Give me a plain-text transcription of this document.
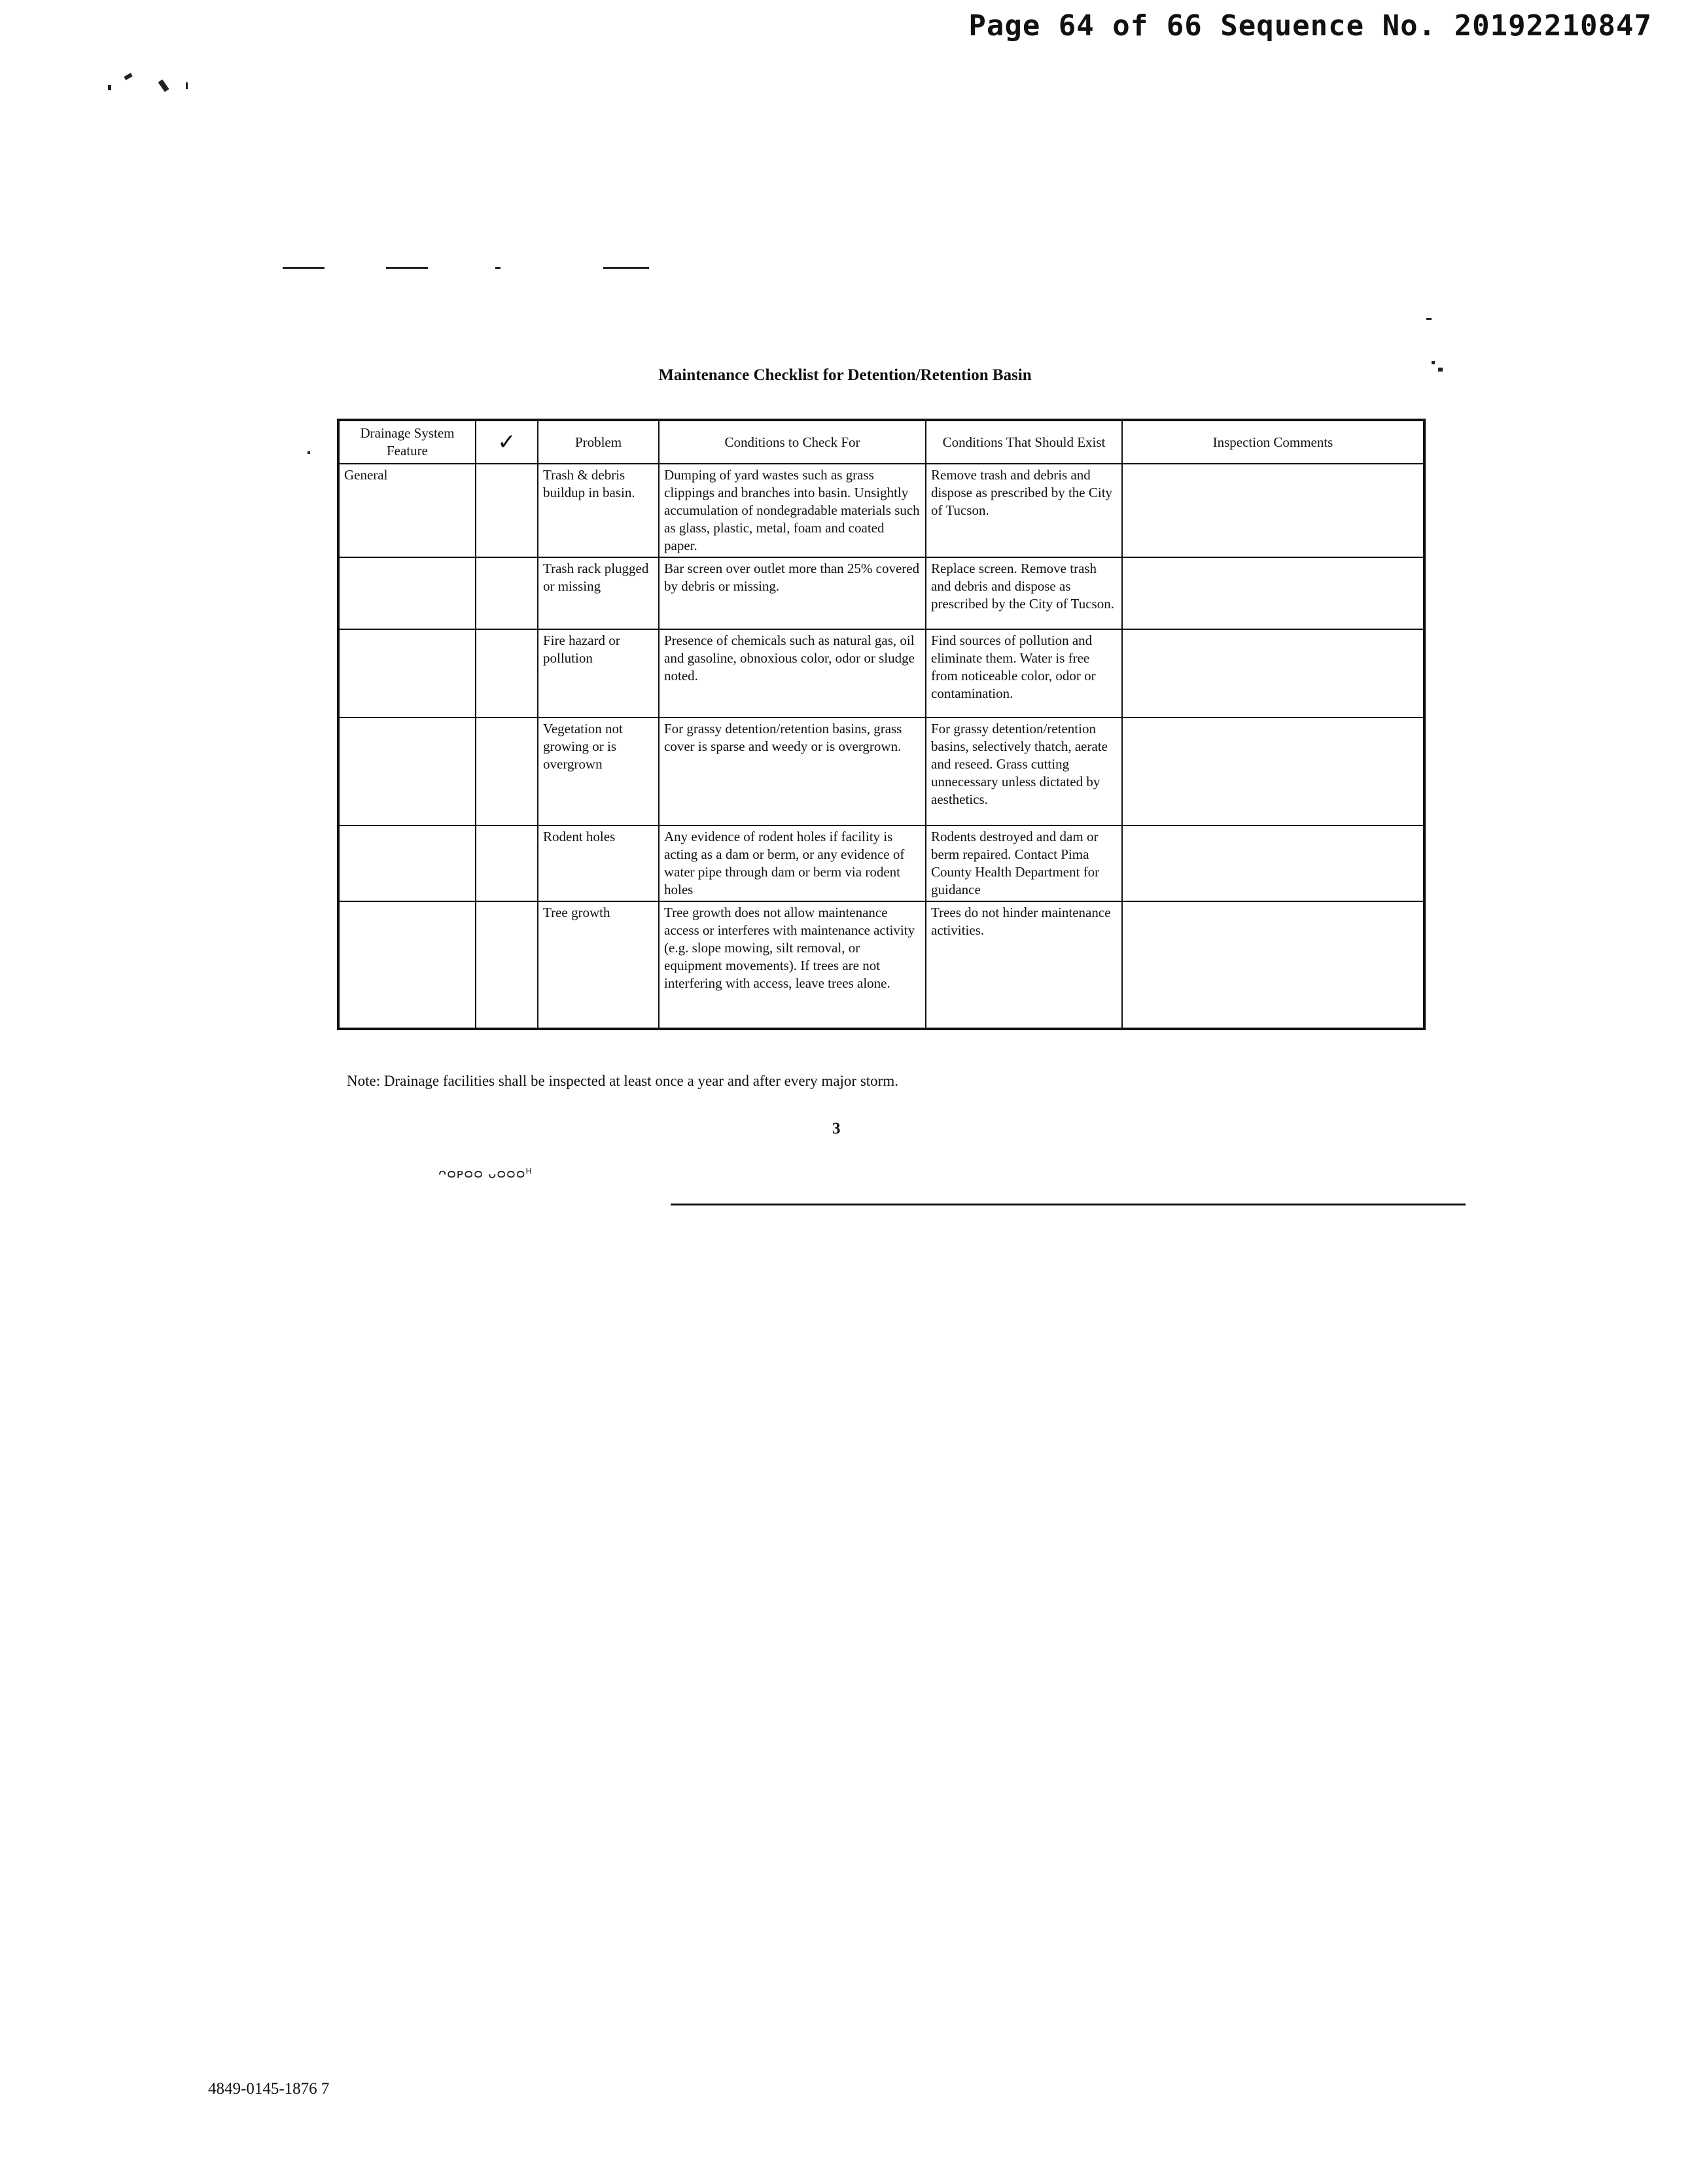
Page 64 of 66 Sequence No. 20192210847
Maintenance Checklist for Detention/Retention Basin
Drainage System Feature	✓	Problem	Conditions to Check For	Conditions That Should Exist	Inspection Comments
General		Trash & debris buildup in basin.	Dumping of yard wastes such as grass clippings and branches into basin. Unsightly accumulation of nondegradable materials such as glass, plastic, metal, foam and coated paper.	Remove trash and debris and dispose as prescribed by the City of Tucson.	
		Trash rack plugged or missing	Bar screen over outlet more than 25% covered by debris or missing.	Replace screen. Remove trash and debris and dispose as prescribed by the City of Tucson.	
		Fire hazard or pollution	Presence of chemicals such as natural gas, oil and gasoline, obnoxious color, odor or sludge noted.	Find sources of pollution and eliminate them. Water is free from noticeable color, odor or contamination.	
		Vegetation not growing or is overgrown	For grassy detention/retention basins, grass cover is sparse and weedy or is overgrown.	For grassy detention/retention basins, selectively thatch, aerate and reseed. Grass cutting unnecessary unless dictated by aesthetics.	
		Rodent holes	Any evidence of rodent holes if facility is acting as a dam or berm, or any evidence of water pipe through dam or berm via rodent holes	Rodents destroyed and dam or berm repaired. Contact Pima County Health Department for guidance	
		Tree growth	Tree growth does not allow maintenance access or interferes with maintenance activity (e.g. slope mowing, silt removal, or equipment movements). If trees are not interfering with access, leave trees alone.	Trees do not hinder maintenance activities.	
Note: Drainage facilities shall be inspected at least once a year and after every major storm.
3
ᴖᴑᴘᴑᴑ ᴗᴑᴑᴑᴴ
4849-0145-1876 7
